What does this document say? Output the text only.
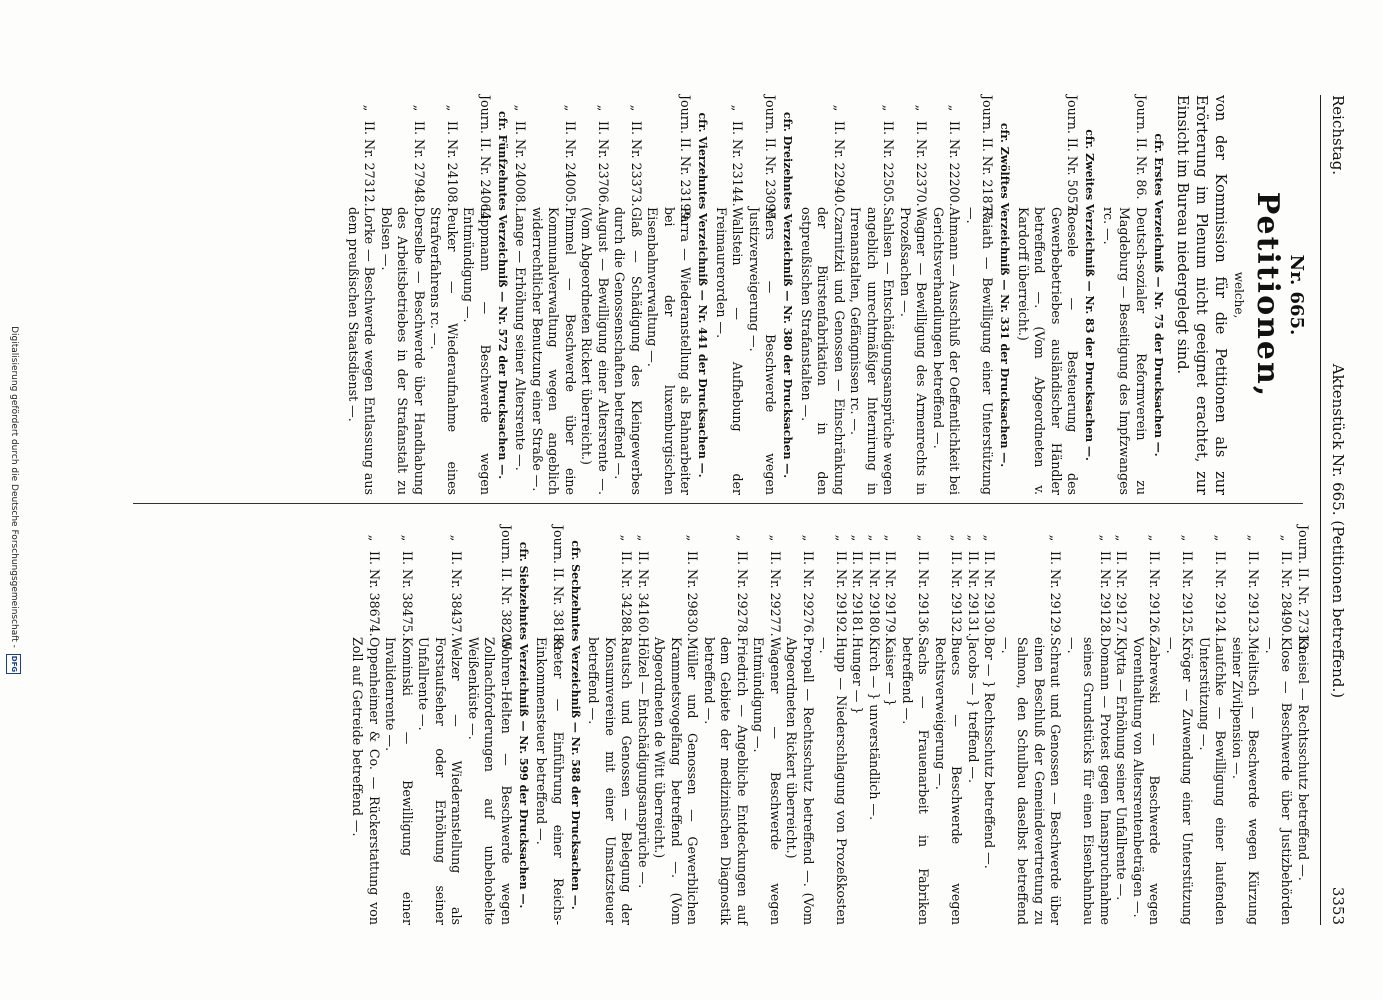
Reichstag.
Aktenstück Nr. 665. (Petitionen betreffend.)
3353
Nr. 665.
Petitionen,
welche,
von der Kommission für die Petitionen als zur Erörterung im Plenum nicht geeignet erachtet, zur Einsicht im Bureau niedergelegt sind.
cfr. Erstes Verzeichniß — Nr. 75 der Drucksachen —.
Journ. II. Nr. 86.
Deutsch-sozialer Reformverein zu Magdeburg — Beseitigung des Impfzwanges rc. —.
cfr. Zweites Verzeichniß — Nr. 83 der Drucksachen —.
Journ. II. Nr. 5057.
Roesele — Besteuerung des Gewerbebetriebes ausländischer Händler betreffend —. (Vom Abgeordneten v. Kardorff überreicht.)
cfr. Zwölftes Verzeichniß — Nr. 331 der Drucksachen —.
Journ. II. Nr. 21877.
Raiath — Bewilligung einer Unterstützung —.
„II. Nr. 22200.
Ahmann — Ausschluß der Oeffentlichkeit bei Gerichtsverhandlungen betreffend —.
„II. Nr. 22370.
Wagner — Bewilligung des Armenrechts in Prozeßsachen —.
„II. Nr. 22505.
Sahlsen — Entschädigungsansprüche wegen angeblich unrechtmäßiger Internirung in Irrenanstalten, Gefängnissen rc. —.
„II. Nr. 22940.
Czarnitzki und Genossen — Einschränkung der Bürstenfabrikation in den ostpreußischen Strafanstalten —.
cfr. Dreizehntes Verzeichniß — Nr. 380 der Drucksachen —.
Journ. II. Nr. 23095.
Mers — Beschwerde wegen Justizverweigerung —.
„II. Nr. 23144.
Wallstein — Aufhebung der Freimaurerorden —.
cfr. Vierzehntes Verzeichniß — Nr. 441 der Drucksachen —.
Journ. II. Nr. 23199.
Parra — Wiederanstellung als Bahnarbeiter bei der luxemburgischen Eisenbahnverwaltung —.
„II. Nr. 23373.
Glaß — Schädigung des Kleingewerbes durch die Genossenschaften betreffend —.
„II. Nr. 23706.
August — Bewilligung einer Altersrente —. (Vom Abgeordneten Rickert überreicht.)
„II. Nr. 24005.
Pimmel — Beschwerde über eine Kommunalverwaltung wegen angeblich widerrechtlicher Benutzung einer Straße —.
„II. Nr. 24008.
Lange — Erhöhung seiner Altersrente —.
cfr. Fünfzehntes Verzeichniß — Nr. 572 der Drucksachen —.
Journ. II. Nr. 24064.
Lippmann — Beschwerde wegen Entmündigung —.
„II. Nr. 24108.
Peuker — Wiederaufnahme eines Strafverfahrens rc. —.
„II. Nr. 27948.
Derselbe — Beschwerde über Handhabung des Arbeitsbetriebes in der Strafanstalt zu Bolsen —.
„II. Nr. 27312.
Lorke — Beschwerde wegen Entlassung aus dem preußischen Staatsdienst —.
Journ. II. Nr. 27313.
Kneisel — Rechtsschutz betreffend —.
„II. Nr. 28490.
Klose — Beschwerde über Justizbehörden —.
„II. Nr. 29123.
Mielitsch — Beschwerde wegen Kürzung seiner Zivilpension —.
„II. Nr. 29124.
Laufchke — Bewilligung einer laufenden Unterstützung —.
„II. Nr. 29125.
Kröger — Zuwendung einer Unterstützung —.
„II. Nr. 29126.
Zabrewski — Beschwerde wegen Vorenthaltung von Altersrentenbeträgen —.
„II. Nr. 29127.
Klytta — Erhöhung seiner Unfallrente —.
„II. Nr. 29128.
Domann — Protest gegen Inanspruchnahme seines Grundstücks für einen Eisenbahnbau —.
„II. Nr. 29129.
Schraut und Genossen — Beschwerde über einen Beschluß der Gemeindevertretung zu Salmon, den Schulbau daselbst betreffend —.
„II. Nr. 29130.
Bor — } Rechtsschutz betreffend —.
„II. Nr. 29131.
Jacobs — } treffend —.
„II. Nr. 29132.
Buecs — Beschwerde wegen Rechtsverweigerung —.
„II. Nr. 29136.
Sachs — Frauenarbeit in Fabriken betreffend —.
„II. Nr. 29179.
Kaiser — }
„II. Nr. 29180.
Kirch — } unverständlich —.
„II. Nr. 29181.
Hunger — }
„II. Nr. 29192.
Hupp — Niederschlagung von Prozeßkosten —.
„II. Nr. 29276.
Propall — Rechtsschutz betreffend —. (Vom Abgeordneten Rickert überreicht.)
„II. Nr. 29277.
Wagener — Beschwerde wegen Entmündigung —.
„II. Nr. 29278.
Friedrich — Angebliche Entdeckungen auf dem Gebiete der medizinischen Diagnostik betreffend —.
„II. Nr. 29830.
Müller und Genossen — Gewerblichen Krammetsvogelfang betreffend —. (Vom Abgeordneten de Witt überreicht.)
„II. Nr. 34160.
Hölzel — Entschädigungsansprüche —.
„II. Nr. 34288.
Rautsch und Genossen — Belegung der Konsumvereine mit einer Umsatzsteuer betreffend —.
cfr. Sechzehntes Verzeichniß — Nr. 588 der Drucksachen —.
Journ. II. Nr. 38189.
Kreter — Einführung einer Reichs-Einkommensteuer betreffend —.
cfr. Siebzehntes Verzeichniß — Nr. 599 der Drucksachen —.
Journ. II. Nr. 38209.
Wohren-Helten — Beschwerde wegen Zollnachforderungen auf unbehobelte Weißenküste —.
„II. Nr. 38437.
Welzer — Wiederanstellung als Forstaufseher oder Erhöhung seiner Unfallrente —.
„II. Nr. 38475.
Kominski — Bewilligung einer Invalidenrente —.
„II. Nr. 38674.
Oppenheimer & Co. — Rückerstattung von Zoll auf Getreide betreffend —.
Digitalisierung gefördert durch die Deutsche Forschungsgemeinschaft -
DFG
